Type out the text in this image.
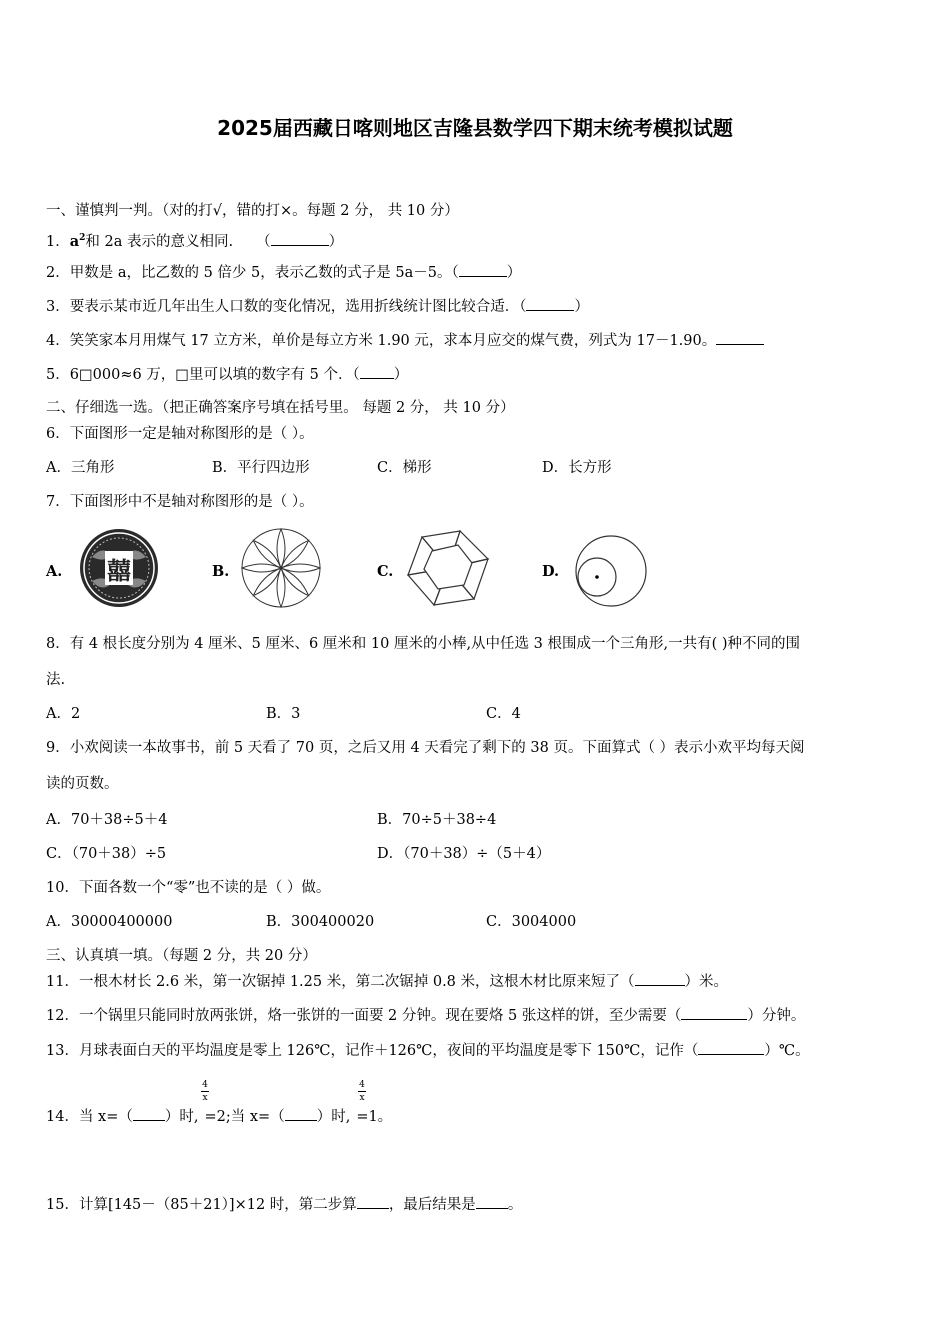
2025届西藏日喀则地区吉隆县数学四下期末统考模拟试题
一、谨慎判一判。（对的打√，错的打×。每题 2 分， 共 10 分）
1．$a^2$和 2a 表示的意义相同. （	）
2．甲数是 a，比乙数的 5 倍少 5，表示乙数的式子是 5a－5。（	）
3．要表示某市近几年出生人口数的变化情况，选用折线统计图比较合适．（	）
4．笑笑家本月用煤气 17 立方米，单价是每立方米 1.90 元，求本月应交的煤气费，列式为 17－1.90。
5．6□000≈6 万，□里可以填的数字有 5 个．（ ）
二、仔细选一选。（把正确答案序号填在括号里。 每题 2 分， 共 10 分）
6．下面图形一定是轴对称图形的是（ ）。
A．三角形	B．平行四边形	C．梯形	D．长方形
7．下面图形中不是轴对称图形的是（ ）。
A. 囍	B.	C.	D.
8．有 4 根长度分别为 4 厘米、5 厘米、6 厘米和 10 厘米的小棒,从中任选 3 根围成一个三角形,一共有( )种不同的围
法.
A．2	B．3	C．4
9．小欢阅读一本故事书，前 5 天看了 70 页，之后又用 4 天看完了剩下的 38 页。下面算式（ ）表示小欢平均每天阅
读的页数。
A．70＋38÷5＋4	B．70÷5＋38÷4
C．（70＋38）÷5	D．（70＋38）÷（5＋4）
10．下面各数一个“零”也不读的是（ ）做。
A．30000400000	B．300400020	C．3004000
三、认真填一填。（每题 2 分，共 20 分）
11．一根木材长 2.6 米，第一次锯掉 1.25 米，第二次锯掉 0.8 米，这根木材比原来短了（	）米。
12．一个锅里只能同时放两张饼，烙一张饼的一面要 2 分钟。现在要烙 5 张这样的饼，至少需要（	）分钟。
13．月球表面白天的平均温度是零上 126℃，记作＋126℃，夜间的平均温度是零下 150℃，记作（	）℃。
4
x
4
x
14．当 x=（ ）时, =2;当 x=（ ）时, =1。
15．计算[145－（85＋21）]×12 时，第二步算 ，最后结果是 。
